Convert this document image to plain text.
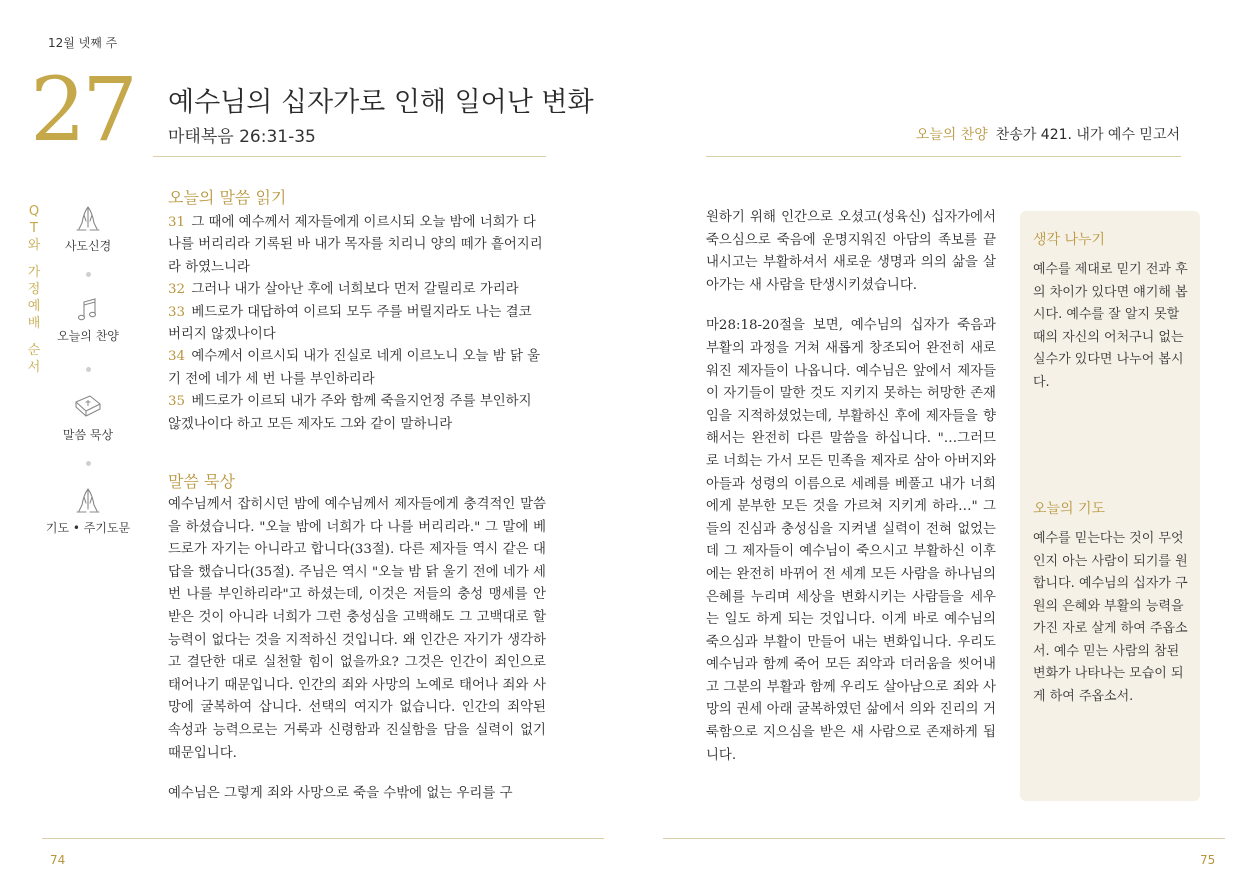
12월 넷째 주
27 예수님의 십자가로 인해 일어난 변화
마태복음 26:31-35	오늘의 찬양 찬송가 421. 내가 예수 믿고서
Q
T
와
가
정
예
배
순
서
사도신경
오늘의 찬양
말씀 묵상
기도 • 주기도문
오늘의 말씀 읽기
31 그 때에 예수께서 제자들에게 이르시되 오늘 밤에 너희가 다 나를 버리리라 기록된 바 내가 목자를 치리니 양의 떼가 흩어지리라 하였느니라
32 그러나 내가 살아난 후에 너희보다 먼저 갈릴리로 가리라
33 베드로가 대답하여 이르되 모두 주를 버릴지라도 나는 결코 버리지 않겠나이다
34 예수께서 이르시되 내가 진실로 네게 이르노니 오늘 밤 닭 울기 전에 네가 세 번 나를 부인하리라
35 베드로가 이르되 내가 주와 함께 죽을지언정 주를 부인하지 않겠나이다 하고 모든 제자도 그와 같이 말하니라
말씀 묵상

예수님께서 잡히시던 밤에 예수님께서 제자들에게 충격적인 말씀을 하셨습니다. "오늘 밤에 너희가 다 나를 버리리라." 그 말에 베드로가 자기는 아니라고 합니다(33절). 다른 제자들 역시 같은 대답을 했습니다(35절). 주님은 역시 "오늘 밤 닭 울기 전에 네가 세 번 나를 부인하리라"고 하셨는데, 이것은 저들의 충성 맹세를 안 받은 것이 아니라 너희가 그런 충성심을 고백해도 그 고백대로 할 능력이 없다는 것을 지적하신 것입니다. 왜 인간은 자기가 생각하고 결단한 대로 실천할 힘이 없을까요? 그것은 인간이 죄인으로 태어나기 때문입니다. 인간의 죄와 사망의 노예로 태어나 죄와 사망에 굴복하여 삽니다. 선택의 여지가 없습니다. 인간의 죄악된 속성과 능력으로는 거룩과 신령함과 진실함을 담을 실력이 없기 때문입니다.

예수님은 그렇게 죄와 사망으로 죽을 수밖에 없는 우리를 구

원하기 위해 인간으로 오셨고(성육신) 십자가에서 죽으심으로 죽음에 운명지워진 아담의 족보를 끝내시고는 부활하셔서 새로운 생명과 의의 삶을 살아가는 새 사람을 탄생시키셨습니다.

마28:18-20절을 보면, 예수님의 십자가 죽음과 부활의 과정을 거쳐 새롭게 창조되어 완전히 새로워진 제자들이 나옵니다. 예수님은 앞에서 제자들이 자기들이 말한 것도 지키지 못하는 허망한 존재임을 지적하셨었는데, 부활하신 후에 제자들을 향해서는 완전히 다른 말씀을 하십니다. "…그러므로 너희는 가서 모든 민족을 제자로 삼아 아버지와 아들과 성령의 이름으로 세례를 베풀고 내가 너희에게 분부한 모든 것을 가르쳐 지키게 하라…" 그들의 진심과 충성심을 지켜낼 실력이 전혀 없었는데 그 제자들이 예수님이 죽으시고 부활하신 이후에는 완전히 바뀌어 전 세계 모든 사람을 하나님의 은혜를 누리며 세상을 변화시키는 사람들을 세우는 일도 하게 되는 것입니다. 이게 바로 예수님의 죽으심과 부활이 만들어 내는 변화입니다. 우리도 예수님과 함께 죽어 모든 죄악과 더러움을 씻어내고 그분의 부활과 함께 우리도 살아남으로 죄와 사망의 권세 아래 굴복하였던 삶에서 의와 진리의 거룩함으로 지으심을 받은 새 사람으로 존재하게 됩니다.

생각 나누기
예수를 제대로 믿기 전과 후의 차이가 있다면 얘기해 봅시다. 예수를 잘 알지 못할 때의 자신의 어처구니 없는 실수가 있다면 나누어 봅시다.
오늘의 기도
예수를 믿는다는 것이 무엇인지 아는 사람이 되기를 원합니다. 예수님의 십자가 구원의 은혜와 부활의 능력을 가진 자로 살게 하여 주옵소서. 예수 믿는 사람의 참된 변화가 나타나는 모습이 되게 하여 주옵소서.
74	75
